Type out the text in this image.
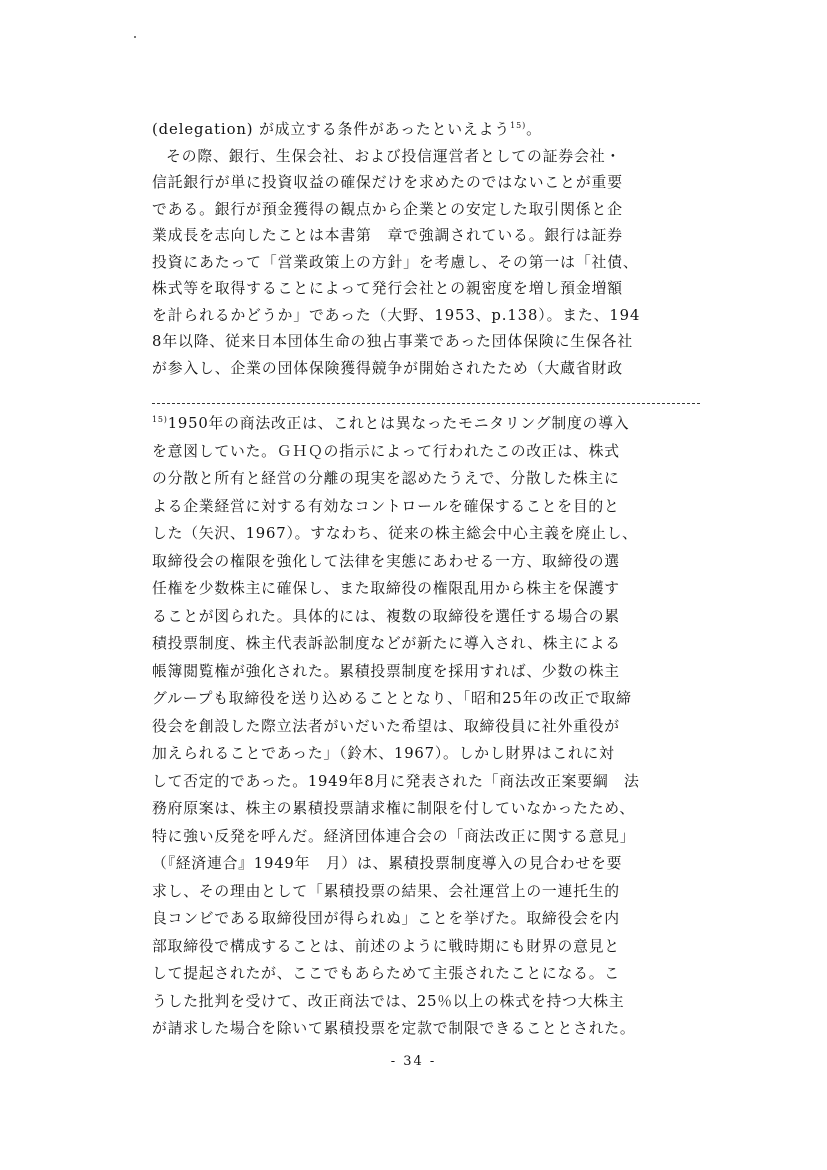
(delegation) が成立する条件があったといえよう$^{15)}$。
その際、銀行、生保会社、および投信運営者としての証券会社・
信託銀行が単に投資収益の確保だけを求めたのではないことが重要
である。銀行が預金獲得の観点から企業との安定した取引関係と企
業成長を志向したことは本書第　章で強調されている。銀行は証券
投資にあたって「営業政策上の方針」を考慮し、その第一は「社債、
株式等を取得することによって発行会社との親密度を増し預金増額
を計られるかどうか」であった（大野、1953、p.138）。また、194
8年以降、従来日本団体生命の独占事業であった団体保険に生保各社
が参入し、企業の団体保険獲得競争が開始されたため（大蔵省財政
$^{15)}$1950年の商法改正は、これとは異なったモニタリング制度の導入
を意図していた。ＧＨＱの指示によって行われたこの改正は、株式
の分散と所有と経営の分離の現実を認めたうえで、分散した株主に
よる企業経営に対する有効なコントロールを確保することを目的と
した（矢沢、1967）。すなわち、従来の株主総会中心主義を廃止し、
取締役会の権限を強化して法律を実態にあわせる一方、取締役の選
任権を少数株主に確保し、また取締役の権限乱用から株主を保護す
ることが図られた。具体的には、複数の取締役を選任する場合の累
積投票制度、株主代表訴訟制度などが新たに導入され、株主による
帳簿閲覧権が強化された。累積投票制度を採用すれば、少数の株主
グループも取締役を送り込めることとなり、「昭和25年の改正で取締
役会を創設した際立法者がいだいた希望は、取締役員に社外重役が
加えられることであった」（鈴木、1967）。しかし財界はこれに対
して否定的であった。1949年8月に発表された「商法改正案要綱　法
務府原案は、株主の累積投票請求権に制限を付していなかったため、
特に強い反発を呼んだ。経済団体連合会の「商法改正に関する意見」
（『経済連合』1949年　月）は、累積投票制度導入の見合わせを要
求し、その理由として「累積投票の結果、会社運営上の一連托生的
良コンビである取締役団が得られぬ」ことを挙げた。取締役会を内
部取締役で構成することは、前述のように戦時期にも財界の意見と
して提起されたが、ここでもあらためて主張されたことになる。こ
うした批判を受けて、改正商法では、25％以上の株式を持つ大株主
が請求した場合を除いて累積投票を定款で制限できることとされた。
- 34 -
